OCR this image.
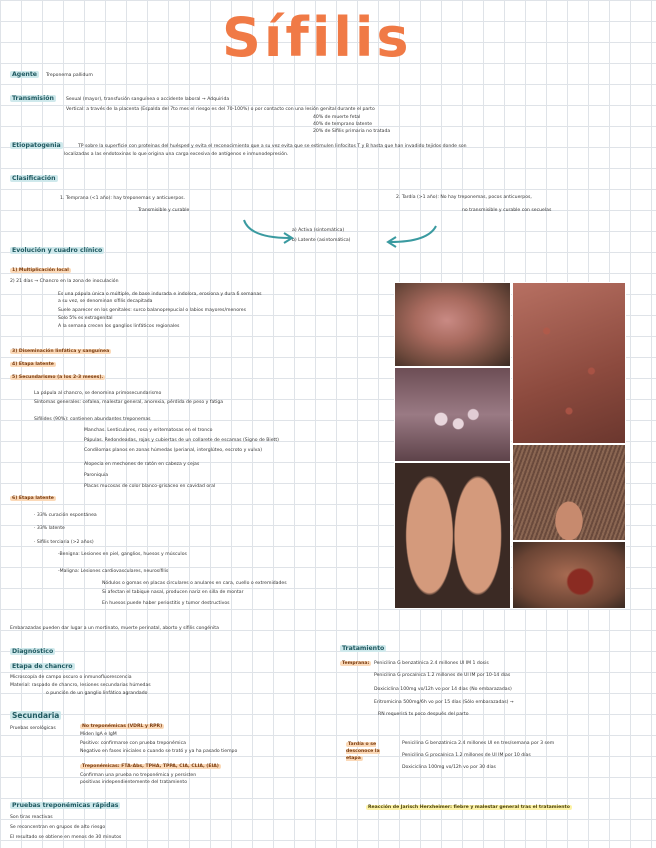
Sífilis
Agente	Treponema pallidum
Transmisión	Sexual (mayor), transfusión sanguínea o accidente laboral → Adquirida
Vertical: a través de la placenta (Espalda del 7to mes el riesgo es del 70-100%) o por contacto con una lesión genital durante el parto
40% de muerte fetal
40% de temprano latente
20% de Sífilis primaria no tratada
Etiopatogenia	TP sobre la superficie con proteínas del huésped y evita el reconocimiento que a su vez evita que se estimulen linfocitos T y B hasta que han invadido tejidos donde son
localizadas a las endotoxinas lo que origina una carga excesiva de antígenos e inmunodepresión.
Clasificación
1. Temprana (<1 año): hay treponemas y anticuerpos.
Transmisible y curable
2. Tardía (>1 año): No hay treponemas, pocos anticuerpos,
no transmisible y curable con secuelas
a) Activa (sintomática)
b) Latente (asintomática)
Evolución y cuadro clínico
1) Multiplicación local
2) 21 días → Chancro en la zona de inoculación
Es una pápula única o múltiple, de base indurada e indolora, erosiona y dura 6 semanas
a su vez, se denominan sífilis decapitada
Suele aparecer en los genitales: surco balanoprepucial o labios mayores/menores
Solo 5% es extragenital
A la semana crecen los ganglios linfáticos regionales
3) Diseminación linfática y sanguínea
4) Etapa latente
5) Secundarismo (a los 2-3 meses).
La pápula al chancro, se denomina primosecundarismo
Síntomas generales: cefalea, malestar general, anorexia, pérdida de peso y fatiga
Sifílides (90%): contienen abundantes treponemas
Manchas. Lenticulares, rosa y eritematosas en el tronco
Pápulas. Redondeadas, rojas y cubiertas de un collarete de escamas (Signo de Biett)
Condilomas planos en zonas húmedas (perianal, interglúteo, escroto y vulva)
Alopecia en mechones de ratón en cabeza y cejas
Paroniquia
Placas mucosas de color blanco-grisáceo en cavidad oral
6) Etapa latente
· 33% curación espontánea
· 33% latente
· Sífilis terciaria (>2 años)
-Benigna: Lesiones en piel, ganglios, huesos y músculos
-Maligna: Lesiones cardiovasculares, neurosífilis
Nódulos o gomas en placas circulares o anulares en cara, cuello o extremidades
Si afectan el tabique nasal, producen nariz en silla de montar
En huesos puede haber periostitis y tumor destructivos
Embarazadas pueden dar lugar a un mortinato, muerte perinatal, aborto y sífilis congénita
Diagnóstico
Etapa de chancro
Microscopía de campo oscuro o inmunofluorescencia
Material: raspado de chancro, lesiones secundarias húmedas
o punción de un ganglio linfático agrandado
Secundaria
Pruebas serológicas	No treponémicas (VDRL y RPR)
Miden IgA e IgM
Positivo: confirmarse con prueba treponémica
Negativo en fases iniciales o cuando se trató y ya ha pasado tiempo
Treponémicas: FTA-Abs, TPHA, TPPA, CIA, CLIA, (EIA)
Confirman una prueba no treponémica y persisten
positivas independientemente del tratamiento
Pruebas treponémicas rápidas
Son tiras reactivas
Se reconcentran en grupos de alto riesgo
El resultado se obtiene en menos de 30 minutos
Tratamiento
Temprana:	Penicilina G benzatínica 2.4 millones UI IM 1 dosis
Penicilina G procaínica 1.2 millones de UI IM por 10-14 días
Doxiciclina 100mg vo/12h vo por 14 días (No embarazadas)
Eritromicina 500mg/6h vo por 15 días (Sólo embarazadas) →
RN requerirá tx poco después del parto
Tardía o se desconoce la etapa
Penicilina G benzatínica 2.4 millones UI en tres/semana por 3 sem
Penicilina G procaínica 1.2 millones de UI IM por 10 días
Doxiciclina 100mg vo/12h vo por 30 días
Reacción de Jarisch Herxheimer: fiebre y malestar general tras el tratamiento
